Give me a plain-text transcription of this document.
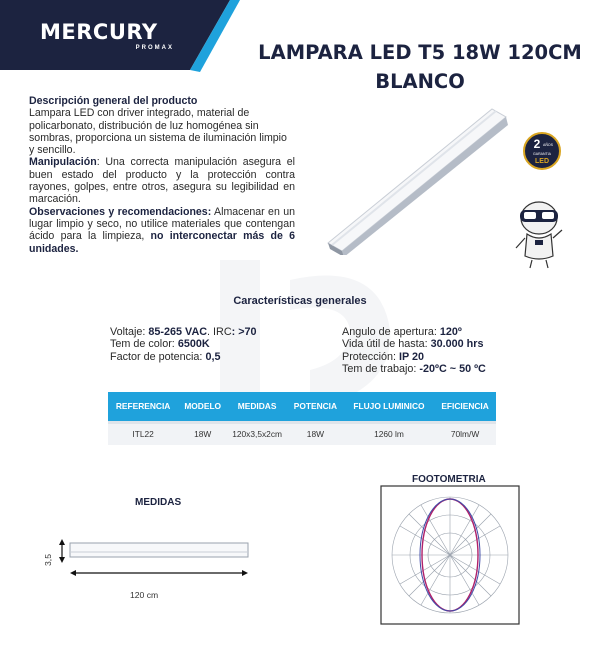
MERCURY
PROMAX	LAMPARA LED T5 18W 120CM
BLANCO
Descripción general del producto
Lampara LED con driver integrado, material de policarbonato, distribución de luz homogénea sin sombras, proporciona un sistema de iluminación limpio y sencillo.
Manipulación: Una correcta manipulación asegura el buen estado del producto y la protección contra rayones, golpes, entre otros, asegura su legibilidad en marcación.
Observaciones y recomendaciones: Almacenar en un lugar limpio y seco, no utilice materiales que contengan ácido para la limpieza, no interconectar más de 6 unidades.
2 AÑOS
GARANTIA
LED
Características generales
Voltaje: 85-265 VAC. IRC: >70
Tem de color: 6500K
Factor de potencia: 0,5
Angulo de apertura: 120º
Vida útil de hasta: 30.000 hrs
Protección: IP 20
Tem de trabajo: -20ºC ~ 50 ºC
REFERENCIA	MODELO	MEDIDAS	POTENCIA	FLUJO LUMINICO	EFICIENCIA
ITL22	18W	120x3,5x2cm	18W	1260 lm	70lm/W
MEDIDAS
3,5
120 cm
FOOTOMETRIA
